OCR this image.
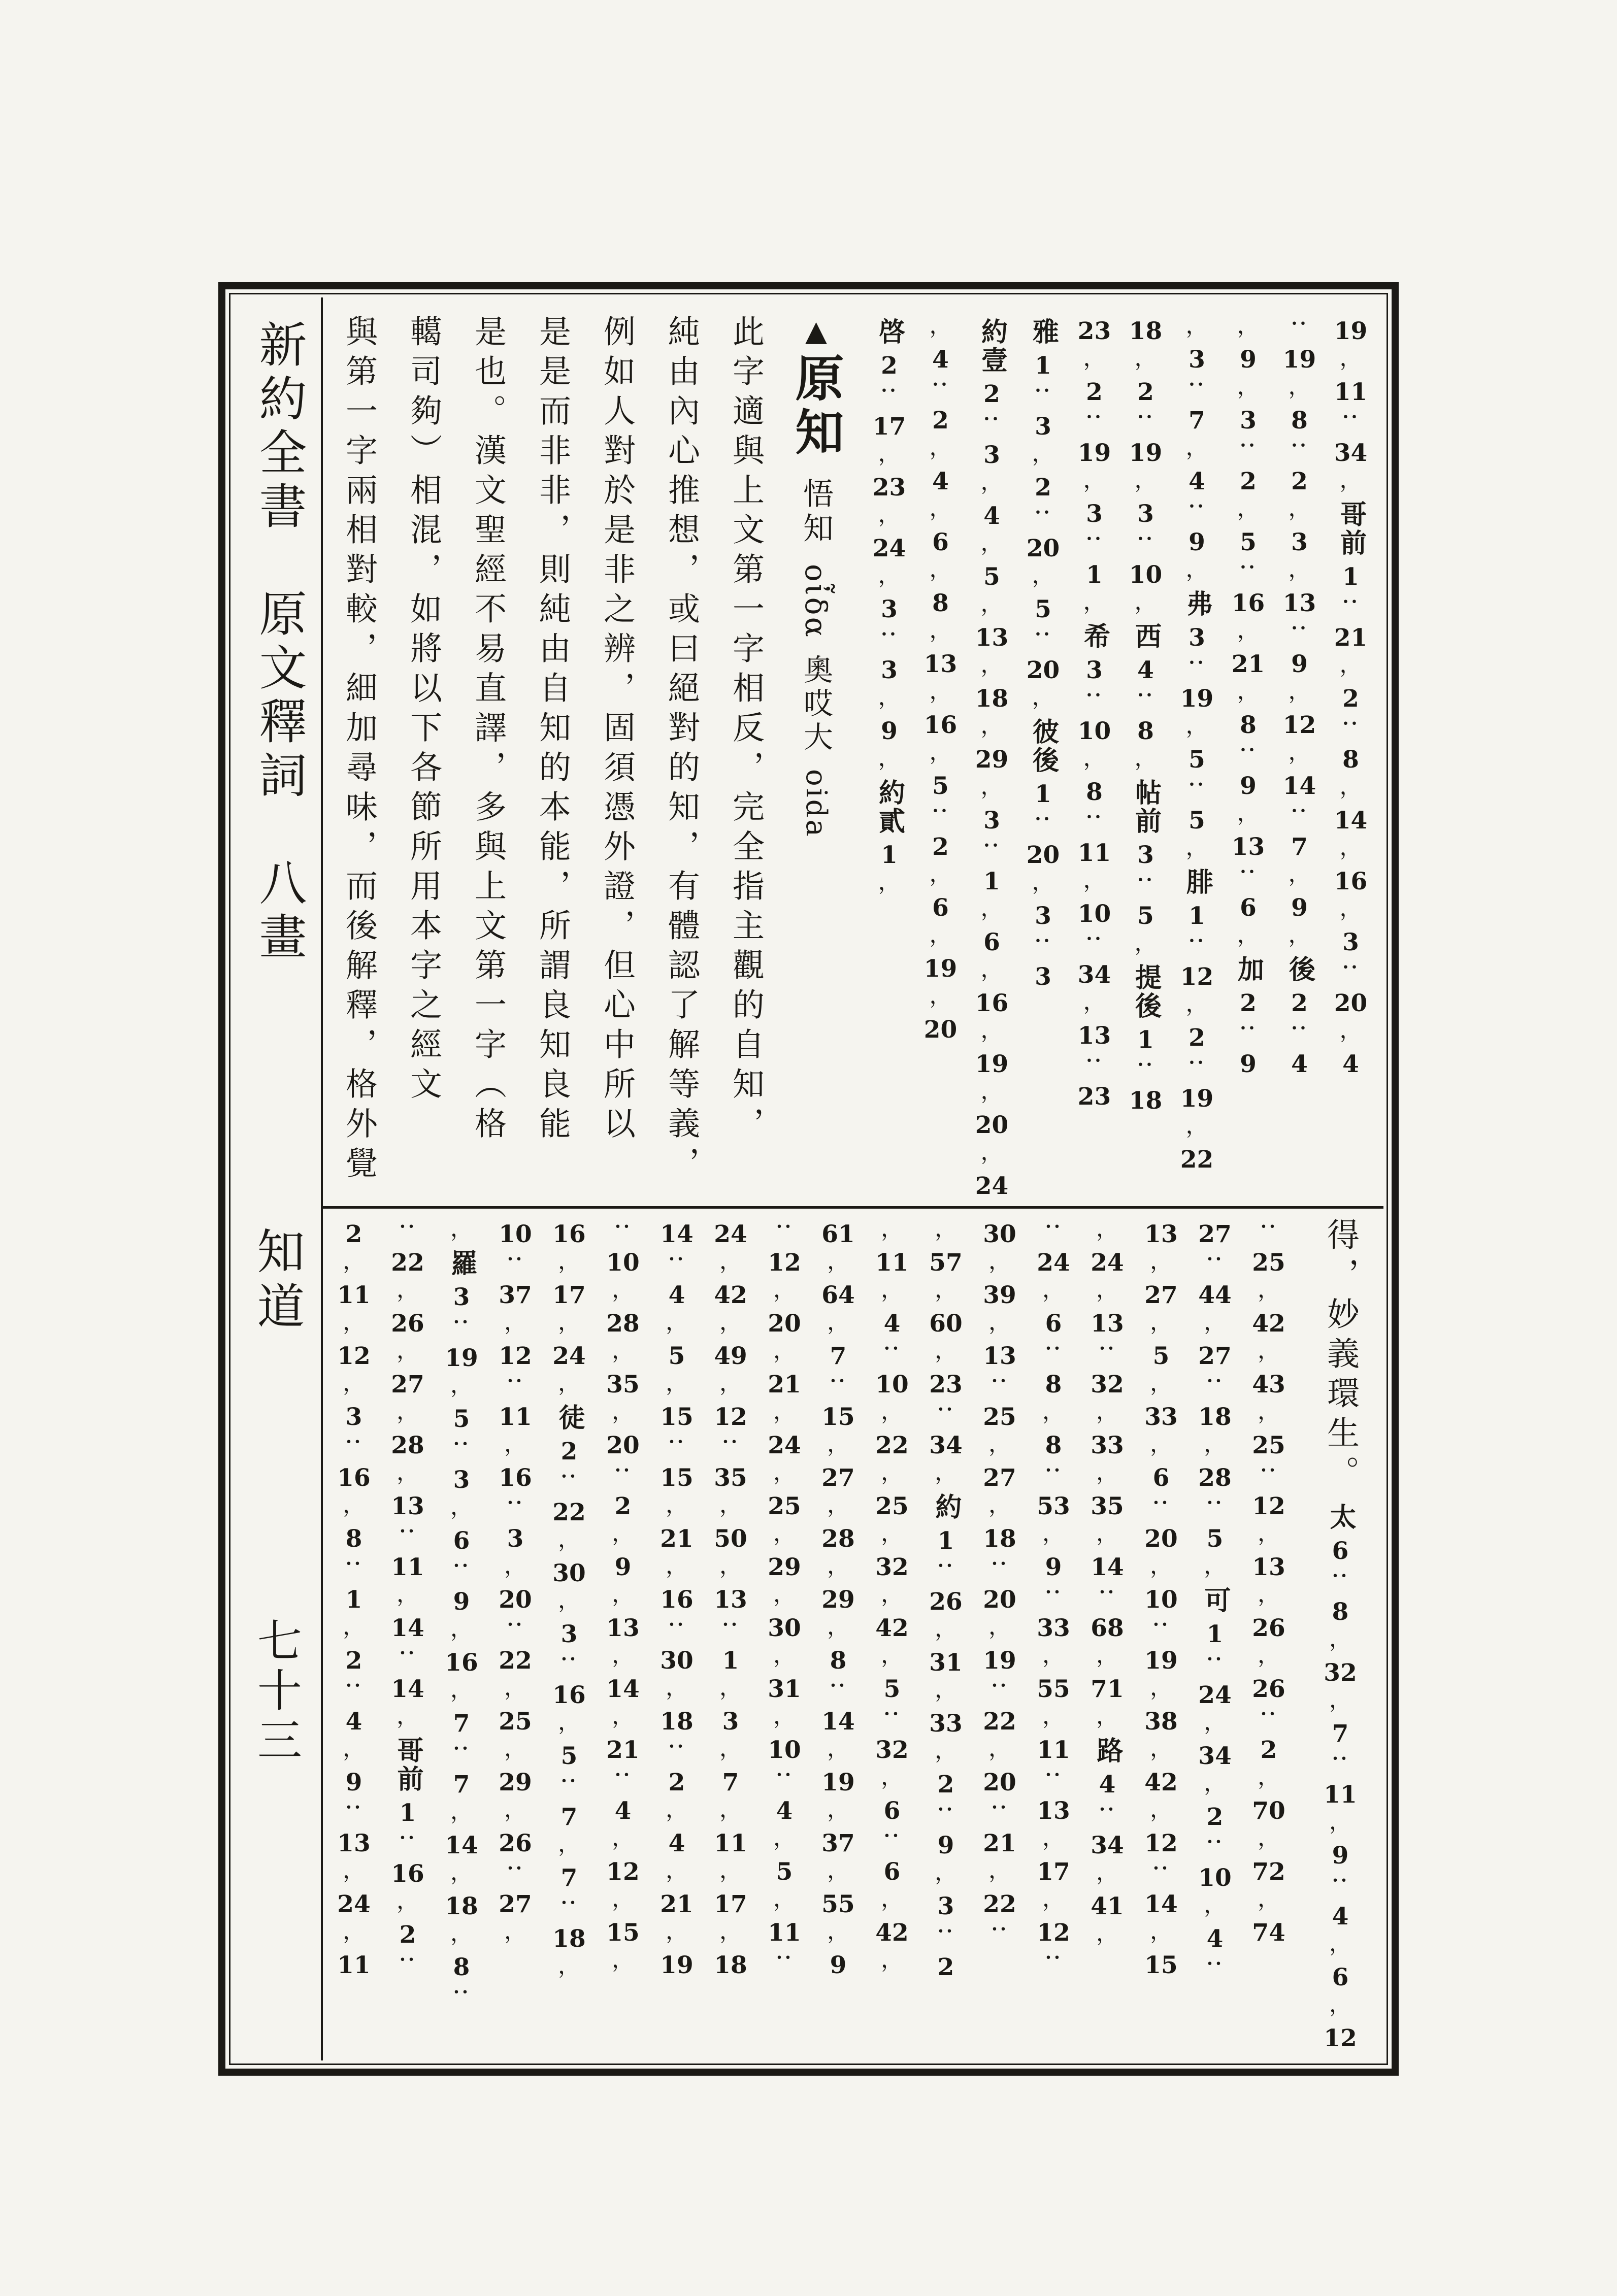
新約全書　原文釋詞　八畫
知道
七十三
19
，
11
：
34
，
哥前
1
：
21
，
2
：
8
，
14
，
16
，
3
：
20
，
4
：
19
，
8
：
2
，
3
，
13
：
9
，
12
，
14
：
7
，
9
，
後
2
：
4
，
9
，
3
：
2
，
5
：
16
，
21
，
8
：
9
，
13
：
6
，
加
2
：
9
，
3
：
7
，
4
：
9
，
弗
3
：
19
，
5
：
5
，
腓
1
：
12
，
2
：
19
，
22
18
，
2
：
19
，
3
：
10
，
西
4
：
8
，
帖前
3
：
5
，
提後
1
：
18
23
，
2
：
19
，
3
：
1
，
希
3
：
10
，
8
：
11
，
10
：
34
，
13
：
23
雅
1
：
3
，
2
：
20
，
5
：
20
，
彼後
1
：
20
，
3
：
3
約壹
2
：
3
，
4
，
5
，
13
，
18
，
29
，
3
：
1
，
6
，
16
，
19
，
20
，
24
，
4
：
2
，
4
，
6
，
8
，
13
，
16
，
5
：
2
，
6
，
19
，
20
啓
2
：
17
，
23
，
24
，
3
：
3
，
9
，
約貳
1
，
▲原知悟知οἶδα奧哎大oida
此字適與上文第一字相反，完全指主觀的自知，
純由內心推想，或曰絕對的知，有體認了解等義，
例如人對於是非之辨，固須憑外證，但心中所以
是是而非非，則純由自知的本能，所謂良知良能
是也。漢文聖經不易直譯，多與上文第一字（格
轕司夠）相混，如將以下各節所用本字之經文
與第一字兩相對較，細加尋味，而後解釋，格外覺
得，妙義環生。
太
6
：
8
，
32
，
7
：
11
，
9
：
4
，
6
，
12
：
25
，
42
，
43
，
25
：
12
，
13
，
26
，
26
：
2
，
70
，
72
，
74
27
：
44
，
27
：
18
，
28
：
5
，
可
1
：
24
，
34
，
2
：
10
，
4
：
13
，
27
，
5
，
33
，
6
：
20
，
10
：
19
，
38
，
42
，
12
：
14
，
15
，
24
，
13
：
32
，
33
，
35
，
14
：
68
，
71
，
路
4
：
34
，
41
，
：
24
，
6
：
8
，
8
：
53
，
9
：
33
，
55
，
11
：
13
，
17
，
12
：
30
，
39
，
13
：
25
，
27
，
18
：
20
，
19
：
22
，
20
：
21
，
22
：
，
57
，
60
，
23
：
34
，
約
1
：
26
，
31
，
33
，
2
：
9
，
3
：
2
，
11
，
4
：
10
，
22
，
25
，
32
，
42
，
5
：
32
，
6
：
6
，
42
，
61
，
64
，
7
：
15
，
27
，
28
，
29
，
8
：
14
，
19
，
37
，
55
，
9
：
12
，
20
，
21
，
24
，
25
，
29
，
30
，
31
，
10
：
4
，
5
，
11
：
24
，
42
，
49
，
12
：
35
，
50
，
13
：
1
，
3
，
7
，
11
，
17
，
18
14
：
4
，
5
，
15
：
15
，
21
，
16
：
30
，
18
：
2
，
4
，
21
，
19
：
10
，
28
，
35
，
20
：
2
，
9
，
13
，
14
，
21
：
4
，
12
，
15
，
16
，
17
，
24
，
徒
2
：
22
，
30
，
3
：
16
，
5
：
7
，
7
：
18
，
10
：
37
，
12
：
11
，
16
：
3
，
20
：
22
，
25
，
29
，
26
：
27
，
，
羅
3
：
19
，
5
：
3
，
6
：
9
，
16
，
7
：
7
，
14
，
18
，
8
：
：
22
，
26
，
27
，
28
，
13
：
11
，
14
：
14
，
哥前
1
：
16
，
2
：
2
，
11
，
12
，
3
：
16
，
8
：
1
，
2
：
4
，
9
：
13
，
24
，
11
